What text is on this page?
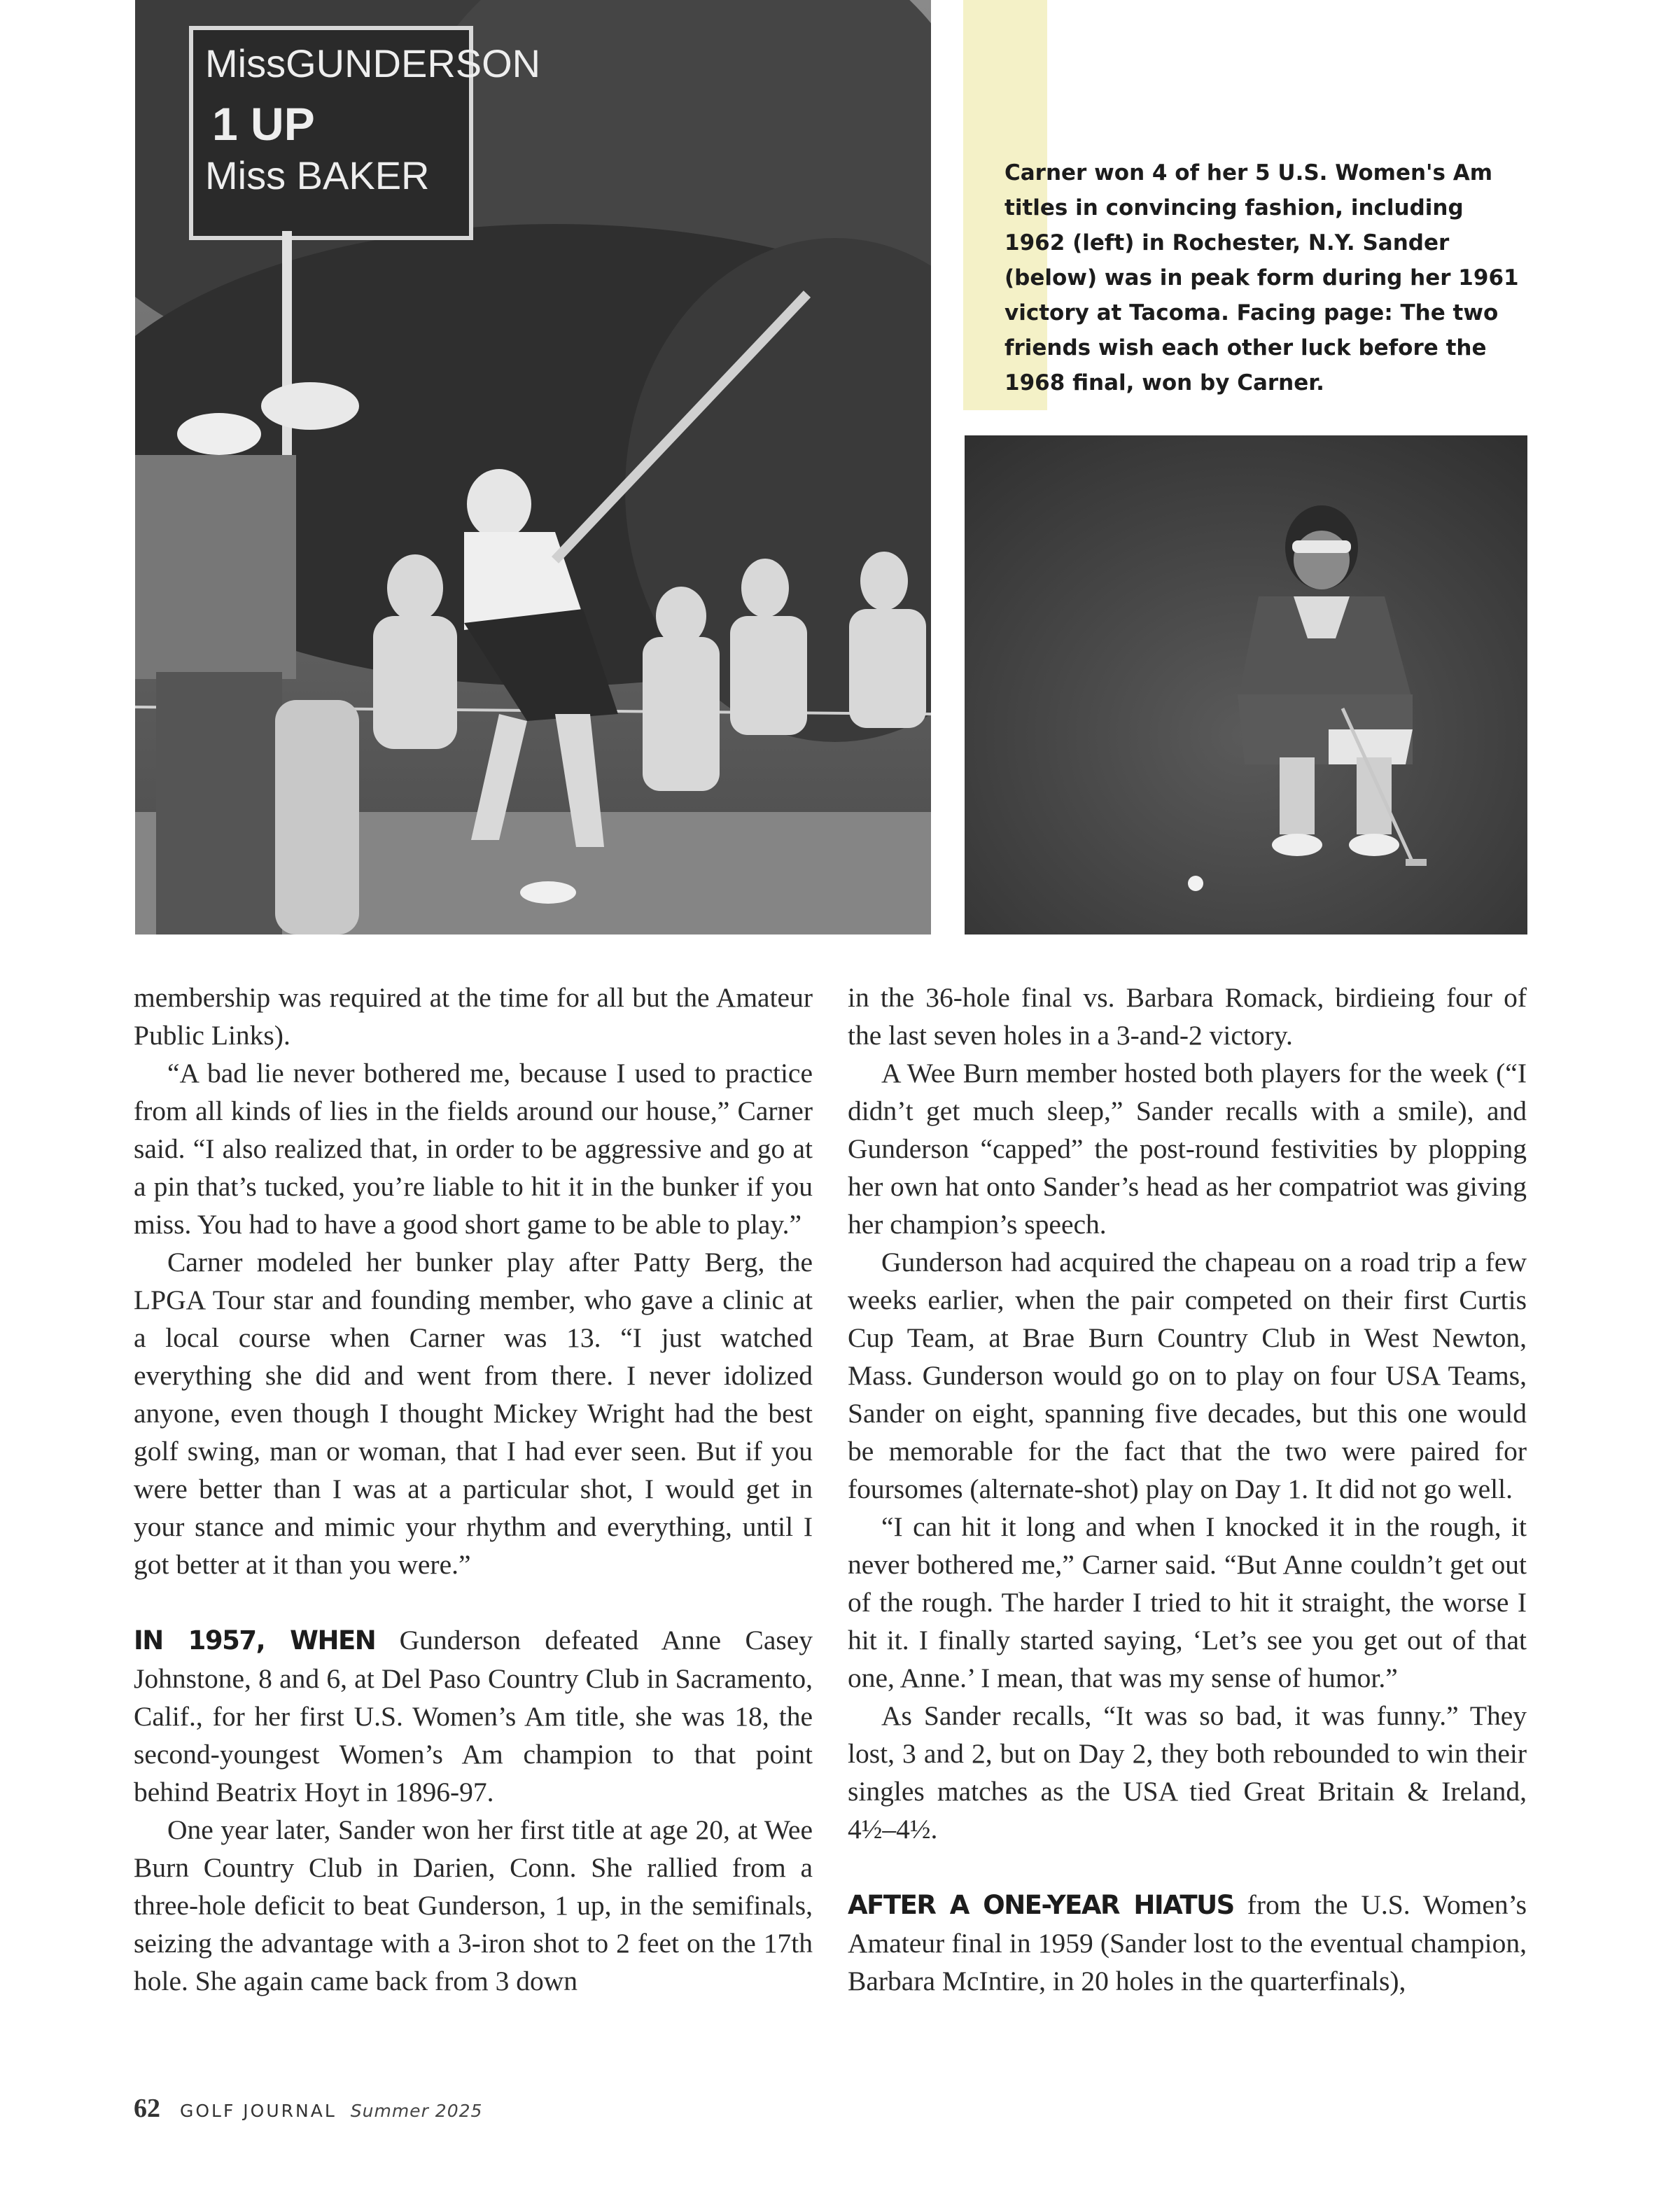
MissGUNDERSON
1 UP
Miss BAKER	Carner won 4 of her 5 U.S. Women's Am titles in convincing fashion, including 1962 (left) in Rochester, N.Y. Sander (below) was in peak form during her 1961 victory at Tacoma. Facing page: The two friends wish each other luck before the 1968 final, won by Carner.

membership was required at the time for all but the Amateur Public Links).

“A bad lie never bothered me, because I used to practice from all kinds of lies in the fields around our house,” Carner said. “I also realized that, in order to be aggressive and go at a pin that’s tucked, you’re liable to hit it in the bunker if you miss. You had to have a good short game to be able to play.”

Carner modeled her bunker play after Patty Berg, the LPGA Tour star and founding member, who gave a clinic at a local course when Carner was 13. “I just watched everything she did and went from there. I never idolized anyone, even though I thought Mickey Wright had the best golf swing, man or woman, that I had ever seen. But if you were better than I was at a particular shot, I would get in your stance and mimic your rhythm and everything, until I got better at it than you were.”

IN 1957, WHEN Gunderson defeated Anne Casey Johnstone, 8 and 6, at Del Paso Country Club in Sacramento, Calif., for her first U.S. Women’s Am title, she was 18, the second-youngest Women’s Am champion to that point behind Beatrix Hoyt in 1896-97.

One year later, Sander won her first title at age 20, at Wee Burn Country Club in Darien, Conn. She rallied from a three-hole deficit to beat Gunderson, 1 up, in the semifinals, seizing the advantage with a 3-iron shot to 2 feet on the 17th hole. She again came back from 3 down

in the 36-hole final vs. Barbara Romack, birdieing four of the last seven holes in a 3-and-2 victory.

A Wee Burn member hosted both players for the week (“I didn’t get much sleep,” Sander recalls with a smile), and Gunderson “capped” the post-round festivities by plopping her own hat onto Sander’s head as her compatriot was giving her champion’s speech.

Gunderson had acquired the chapeau on a road trip a few weeks earlier, when the pair competed on their first Curtis Cup Team, at Brae Burn Country Club in West Newton, Mass. Gunderson would go on to play on four USA Teams, Sander on eight, spanning five decades, but this one would be memorable for the fact that the two were paired for foursomes (alternate-shot) play on Day 1. It did not go well.

“I can hit it long and when I knocked it in the rough, it never bothered me,” Carner said. “But Anne couldn’t get out of the rough. The harder I tried to hit it straight, the worse I hit it. I finally started saying, ‘Let’s see you get out of that one, Anne.’ I mean, that was my sense of humor.”

As Sander recalls, “It was so bad, it was funny.” They lost, 3 and 2, but on Day 2, they both rebounded to win their singles matches as the USA tied Great Britain & Ireland, 4½–4½.

AFTER A ONE-YEAR HIATUS from the U.S. Women’s Amateur final in 1959 (Sander lost to the eventual champion, Barbara McIntire, in 20 holes in the quarterfinals),

62 GOLF JOURNAL Summer 2025
